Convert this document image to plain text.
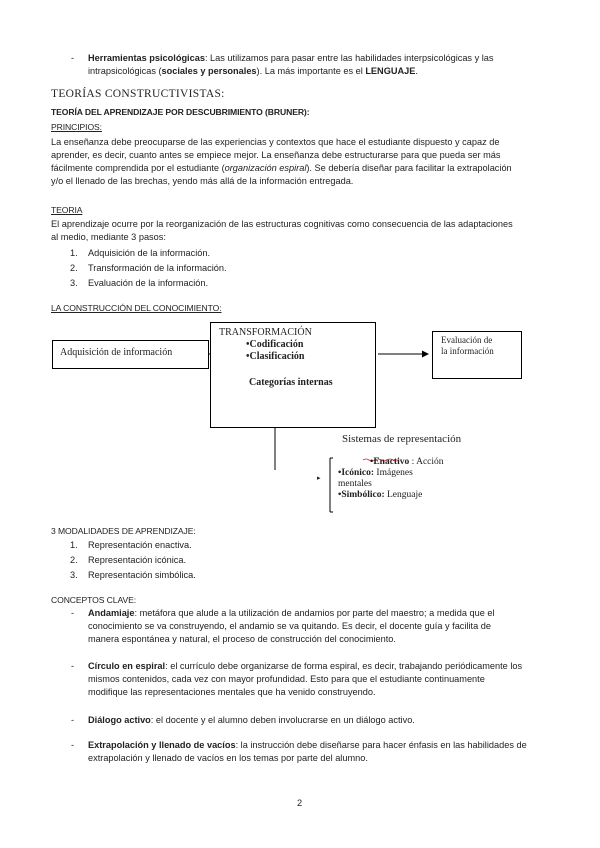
- Herramientas psicológicas: Las utilizamos para pasar entre las habilidades interpsicológicas y las
intrapsicológicas (sociales y personales). La más importante es el LENGUAJE.
TEORÍAS CONSTRUCTIVISTAS:
TEORÍA DEL APRENDIZAJE POR DESCUBRIMIENTO (BRUNER):
PRINCIPIOS:
La enseñanza debe preocuparse de las experiencias y contextos que hace el estudiante dispuesto y capaz de
aprender, es decir, cuanto antes se empiece mejor. La enseñanza debe estructurarse para que pueda ser más
fácilmente comprendida por el estudiante (organización espiral). Se debería diseñar para facilitar la extrapolación
y/o el llenado de las brechas, yendo más allá de la información entregada.
TEORIA
El aprendizaje ocurre por la reorganización de las estructuras cognitivas como consecuencia de las adaptaciones
al medio, mediante 3 pasos:
1. Adquisición de la información.
2. Transformación de la información.
3. Evaluación de la información.
LA CONSTRUCCIÓN DEL CONOCIMIENTO:
Adquisición de información
TRANSFORMACIÓN
•Codificación
•Clasificación
Categorías internas
Evaluación de
la información
Sistemas de representación
▸
•Enactivo : Acción
•Icónico: Imágenes
mentales
•Simbólico: Lenguaje
3 MODALIDADES DE APRENDIZAJE:
1. Representación enactiva.
2. Representación icónica.
3. Representación simbólica.
CONCEPTOS CLAVE:
- Andamiaje: metáfora que alude a la utilización de andamios por parte del maestro; a medida que el
conocimiento se va construyendo, el andamio se va quitando. Es decir, el docente guía y facilita de
manera espontánea y natural, el proceso de construcción del conocimiento.
- Círculo en espiral: el currículo debe organizarse de forma espiral, es decir, trabajando periódicamente los
mismos contenidos, cada vez con mayor profundidad. Esto para que el estudiante continuamente
modifique las representaciones mentales que ha venido construyendo.
- Diálogo activo: el docente y el alumno deben involucrarse en un diálogo activo.
- Extrapolación y llenado de vacíos: la instrucción debe diseñarse para hacer énfasis en las habilidades de
extrapolación y llenado de vacíos en los temas por parte del alumno.
2
